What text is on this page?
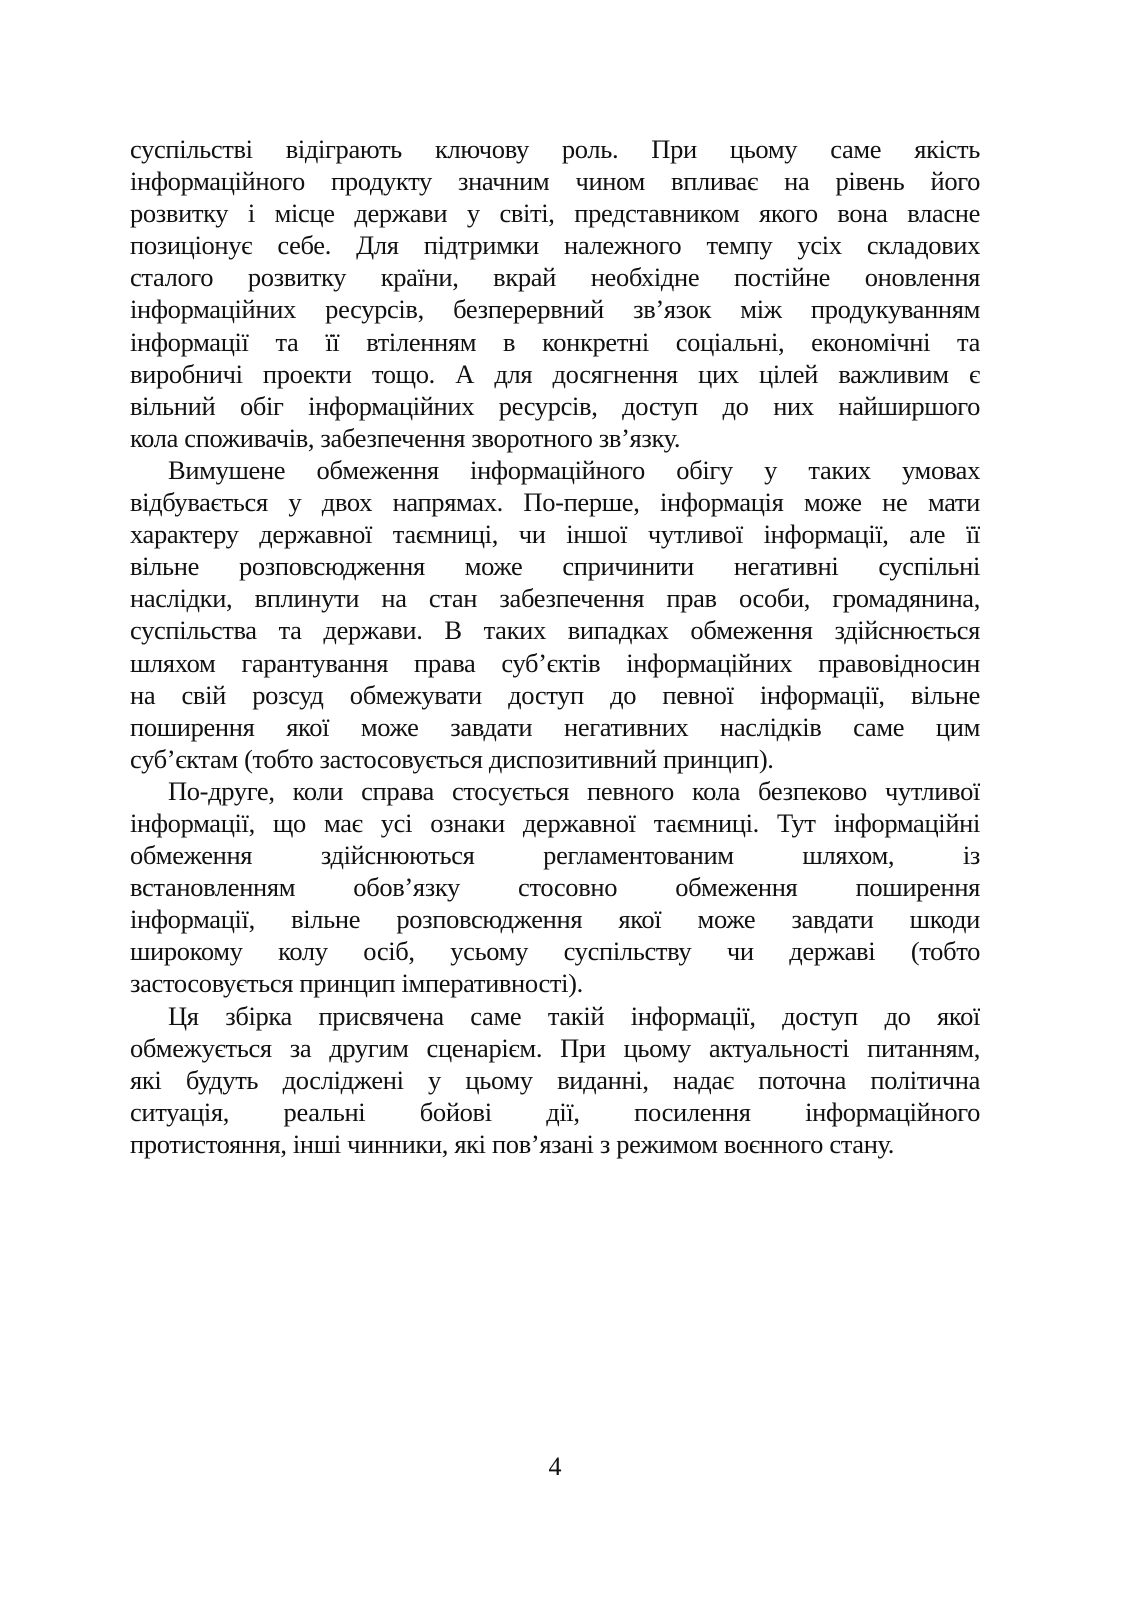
суспільстві відіграють ключову роль. При цьому саме якість
інформаційного продукту значним чином впливає на рівень його
розвитку і місце держави у світі, представником якого вона власне
позиціонує себе. Для підтримки належного темпу усіх складових
сталого розвитку країни, вкрай необхідне постійне оновлення
інформаційних ресурсів, безперервний зв’язок між продукуванням
інформації та її втіленням в конкретні соціальні, економічні та
виробничі проекти тощо. А для досягнення цих цілей важливим є
вільний обіг інформаційних ресурсів, доступ до них найширшого
кола споживачів, забезпечення зворотного зв’язку.
Вимушене обмеження інформаційного обігу у таких умовах
відбувається у двох напрямах. По-перше, інформація може не мати
характеру державної таємниці, чи іншої чутливої інформації, але її
вільне розповсюдження може спричинити негативні суспільні
наслідки, вплинути на стан забезпечення прав особи, громадянина,
суспільства та держави. В таких випадках обмеження здійснюється
шляхом гарантування права суб’єктів інформаційних правовідносин
на свій розсуд обмежувати доступ до певної інформації, вільне
поширення якої може завдати негативних наслідків саме цим
суб’єктам (тобто застосовується диспозитивний принцип).
По-друге, коли справа стосується певного кола безпеково чутливої
інформації, що має усі ознаки державної таємниці. Тут інформаційні
обмеження здійснюються регламентованим шляхом, із
встановленням обов’язку стосовно обмеження поширення
інформації, вільне розповсюдження якої може завдати шкоди
широкому колу осіб, усьому суспільству чи державі (тобто
застосовується принцип імперативності).
Ця збірка присвячена саме такій інформації, доступ до якої
обмежується за другим сценарієм. При цьому актуальності питанням,
які будуть досліджені у цьому виданні, надає поточна політична
ситуація, реальні бойові дії, посилення інформаційного
протистояння, інші чинники, які пов’язані з режимом воєнного стану.
4
